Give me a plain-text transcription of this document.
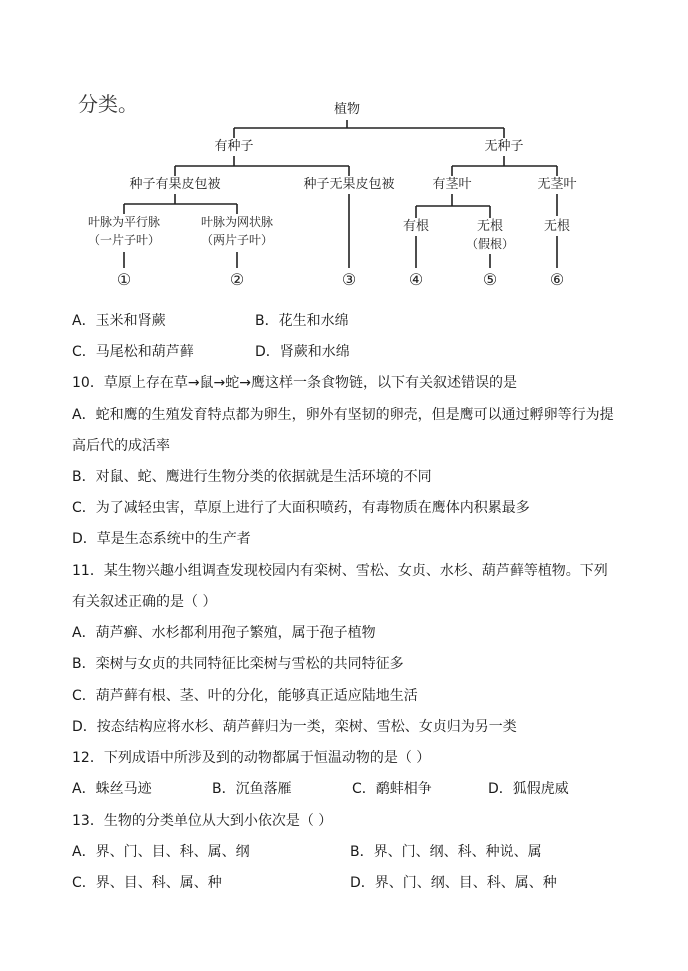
分类。	植物
有种子	无种子
种子有果皮包被	种子无果皮包被	有茎叶	无茎叶
叶脉为平行脉
（一片子叶）
叶脉为网状脉
（两片子叶）
有根	无根
（假根）
无根
①	②	③	④	⑤	⑥
A．玉米和肾蕨	B．花生和水绵
C．马尾松和葫芦藓	D．肾蕨和水绵
10．草原上存在草→鼠→蛇→鹰这样一条食物链，以下有关叙述错误的是
A．蛇和鹰的生殖发育特点都为卵生，卵外有坚韧的卵壳，但是鹰可以通过孵卵等行为提
高后代的成活率
B．对鼠、蛇、鹰进行生物分类的依据就是生活环境的不同
C．为了减轻虫害，草原上进行了大面积喷药，有毒物质在鹰体内积累最多
D．草是生态系统中的生产者
11．某生物兴趣小组调查发现校园内有栾树、雪松、女贞、水杉、葫芦藓等植物。下列
有关叙述正确的是（ ）
A．葫芦癣、水杉都利用孢子繁殖，属于孢子植物
B．栾树与女贞的共同特征比栾树与雪松的共同特征多
C．葫芦藓有根、茎、叶的分化，能够真正适应陆地生活
D．按态结构应将水杉、葫芦藓归为一类，栾树、雪松、女贞归为另一类
12．下列成语中所涉及到的动物都属于恒温动物的是（ ）
A．蛛丝马迹	B．沉鱼落雁	C．鹬蚌相争	D．狐假虎威
13．生物的分类单位从大到小依次是（ ）
A．界、门、目、科、属、纲	B．界、门、纲、科、种说、属
C．界、目、科、属、种	D．界、门、纲、目、科、属、种
